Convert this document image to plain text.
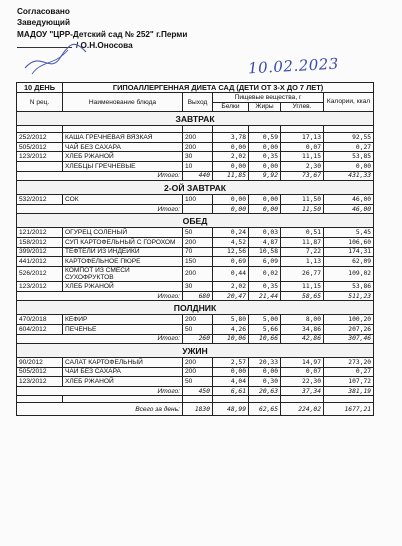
Согласовано
Заведующий
МАДОУ "ЦРР-Детский сад № 252" г.Перми
/ О.Н.Оносова
10.02.2023
10 ДЕНЬ	ГИПОАЛЛЕРГЕННАЯ ДИЕТА САД (ДЕТИ ОТ 3-Х ДО 7 ЛЕТ)					
N рец.	Наименование блюда	Выход	Пищевые вещества, г			Калории, ккал
			Белки	Жиры	Углев.	
ЗАВТРАК						

252/2012	КАША ГРЕЧНЕВАЯ ВЯЗКАЯ	200	3,78	0,59	17,13	92,55
505/2012	ЧАЙ БЕЗ САХАРА	200	0,00	0,00	0,07	0,27
123/2012	ХЛЕБ РЖАНОЙ	30	2,02	0,35	11,15	53,85
	ХЛЕБЦЫ ГРЕЧНЕВЫЕ	10	0,00	0,00	2,30	0,00
Итого:		440	11,85	9,92	73,67	431,33
2-ОЙ ЗАВТРАК						
532/2012	СОК	100	0,00	0,00	11,50	46,00
Итого:			0,00	0,00	11,50	46,00
ОБЕД						
121/2012	ОГУРЕЦ СОЛЕНЫЙ	50	0,24	0,03	0,51	5,45
158/2012	СУП КАРТОФЕЛЬНЫЙ С ГОРОХОМ	200	4,52	4,87	11,87	106,60
399/2012	ТЕФТЕЛИ ИЗ ИНДЕЙКИ	70	12,56	10,58	7,22	174,31
441/2012	КАРТОФЕЛЬНОЕ ПЮРЕ	150	0,69	6,09	1,13	62,09
526/2012	КОМПОТ ИЗ СМЕСИ СУХОФРУКТОВ	200	0,44	0,02	26,77	109,02
123/2012	ХЛЕБ РЖАНОЙ	30	2,02	0,35	11,15	53,86
Итого:		680	20,47	21,44	58,65	511,23
ПОЛДНИК						
470/2018	КЕФИР	200	5,80	5,00	8,00	100,20
604/2012	ПЕЧЕНЬЕ	50	4,26	5,66	34,86	207,26
Итого:		260	10,06	10,66	42,86	307,46
УЖИН						
90/2012	САЛАТ КАРТОФЕЛЬНЫЙ	200	2,57	20,33	14,97	273,20
505/2012	ЧАЙ БЕЗ САХАРА	200	0,00	0,00	0,07	0,27
123/2012	ХЛЕБ РЖАНОЙ	50	4,04	0,30	22,30	107,72
Итого:		450	6,61	20,63	37,34	381,19

Всего за день:		1830	48,99	62,65	224,02	1677,21
